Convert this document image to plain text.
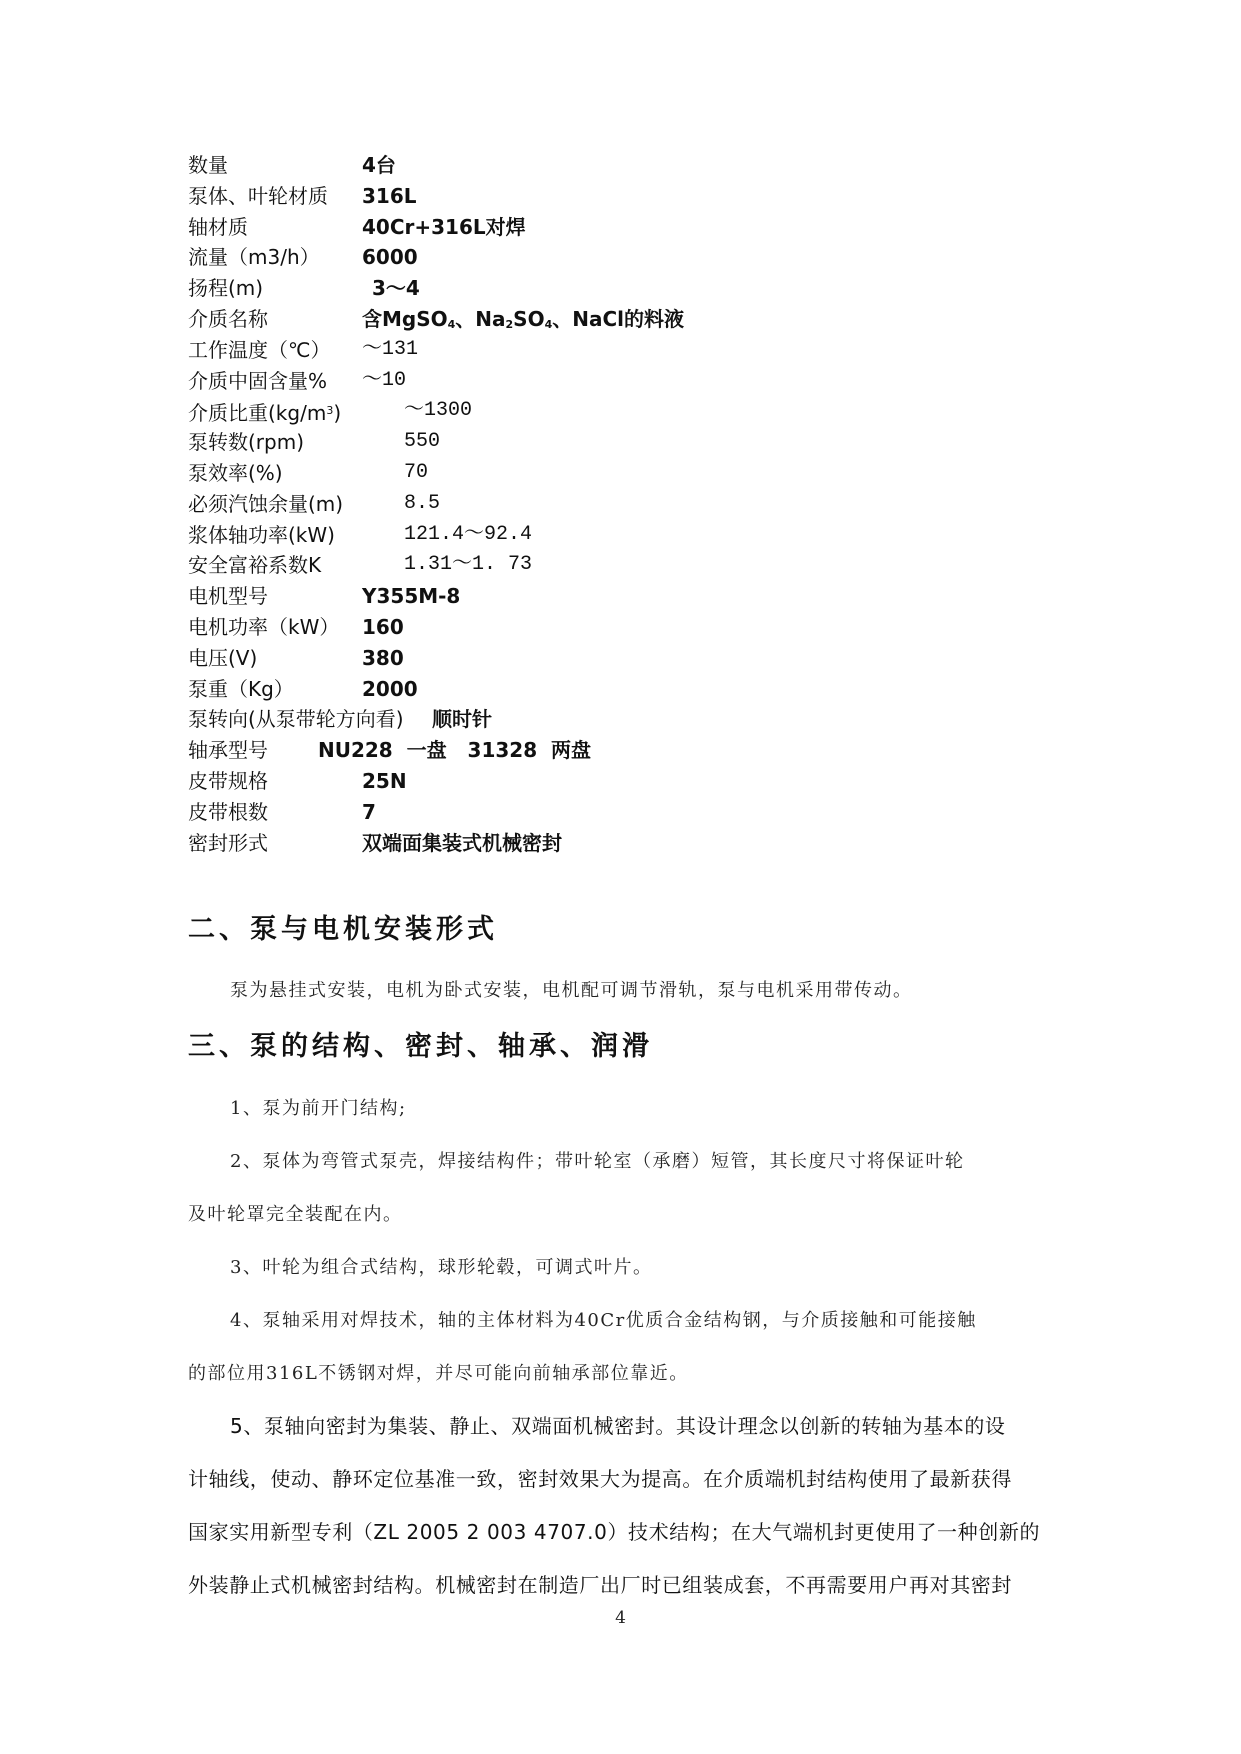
数量	4台
泵体、叶轮材质 316L
轴材质	40Cr+316L对焊
流量（m3/h） 6000
扬程(m)	3～4
介质名称	含MgSO4、Na2SO4、NaCl的料液
工作温度（℃） ～131
介质中固含量% ～10
介质比重$(kg/m^3)$	～1300
泵转数(rpm)	550
泵效率(%)	70
必须汽蚀余量(m)	8.5
浆体轴功率(kW)	121.4～92.4
安全富裕系数K	1.31～1. 73
电机型号	Y355M-8
电机功率（kW） 160
电压(V)	380
泵重（Kg）	2000
泵转向(从泵带轮方向看) 顺时针
轴承型号	NU228  一盘   31328  两盘
皮带规格	25N
皮带根数	7
密封形式	双端面集装式机械密封
二、泵与电机安装形式

泵为悬挂式安装，电机为卧式安装，电机配可调节滑轨，泵与电机采用带传动。

三、泵的结构、密封、轴承、润滑

1、泵为前开门结构;

2、泵体为弯管式泵壳，焊接结构件；带叶轮室（承磨）短管，其长度尺寸将保证叶轮

及叶轮罩完全装配在内。

3、叶轮为组合式结构，球形轮毂，可调式叶片。

4、泵轴采用对焊技术，轴的主体材料为40Cr优质合金结构钢，与介质接触和可能接触

的部位用316L不锈钢对焊，并尽可能向前轴承部位靠近。

5、泵轴向密封为集装、静止、双端面机械密封。其设计理念以创新的转轴为基本的设

计轴线，使动、静环定位基准一致，密封效果大为提高。在介质端机封结构使用了最新获得

国家实用新型专利（ZL 2005 2 003 4707.0）技术结构；在大气端机封更使用了一种创新的

外装静止式机械密封结构。机械密封在制造厂出厂时已组装成套，不再需要用户再对其密封

4
